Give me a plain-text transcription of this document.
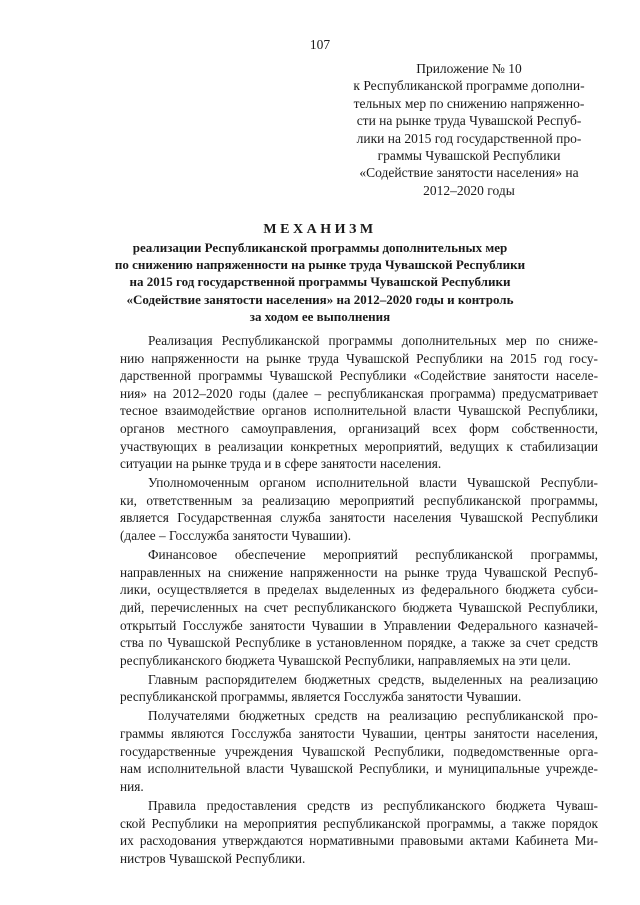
107
Приложение № 10
к Республиканской программе дополни-
тельных мер по снижению напряженно-
сти на рынке труда Чувашской Респуб-
лики на 2015 год государственной про-
граммы Чувашской Республики
«Содействие занятости населения» на
2012–2020 годы
МЕХАНИЗМ
реализации Республиканской программы дополнительных мер
по снижению напряженности на рынке труда Чувашской Республики
на 2015 год государственной программы Чувашской Республики
«Содействие занятости населения» на 2012–2020 годы и контроль
за ходом ее выполнения
Реализация Республиканской программы дополнительных мер по сниже-
нию напряженности на рынке труда Чувашской Республики на 2015 год госу-
дарственной программы Чувашской Республики «Содействие занятости населе-
ния» на 2012–2020 годы (далее – республиканская программа) предусматривает
тесное взаимодействие органов исполнительной власти Чувашской Республики,
органов местного самоуправления, организаций всех форм собственности,
участвующих в реализации конкретных мероприятий, ведущих к стабилизации
ситуации на рынке труда и в сфере занятости населения.
Уполномоченным органом исполнительной власти Чувашской Республи-
ки, ответственным за реализацию мероприятий республиканской программы,
является Государственная служба занятости населения Чувашской Республики
(далее – Госслужба занятости Чувашии).
Финансовое обеспечение мероприятий республиканской программы,
направленных на снижение напряженности на рынке труда Чувашской Респуб-
лики, осуществляется в пределах выделенных из федерального бюджета субси-
дий, перечисленных на счет республиканского бюджета Чувашской Республики,
открытый Госслужбе занятости Чувашии в Управлении Федерального казначей-
ства по Чувашской Республике в установленном порядке, а также за счет средств
республиканского бюджета Чувашской Республики, направляемых на эти цели.
Главным распорядителем бюджетных средств, выделенных на реализацию
республиканской программы, является Госслужба занятости Чувашии.
Получателями бюджетных средств на реализацию республиканской про-
граммы являются Госслужба занятости Чувашии, центры занятости населения,
государственные учреждения Чувашской Республики, подведомственные орга-
нам исполнительной власти Чувашской Республики, и муниципальные учрежде-
ния.
Правила предоставления средств из республиканского бюджета Чуваш-
ской Республики на мероприятия республиканской программы, а также порядок
их расходования утверждаются нормативными правовыми актами Кабинета Ми-
нистров Чувашской Республики.
